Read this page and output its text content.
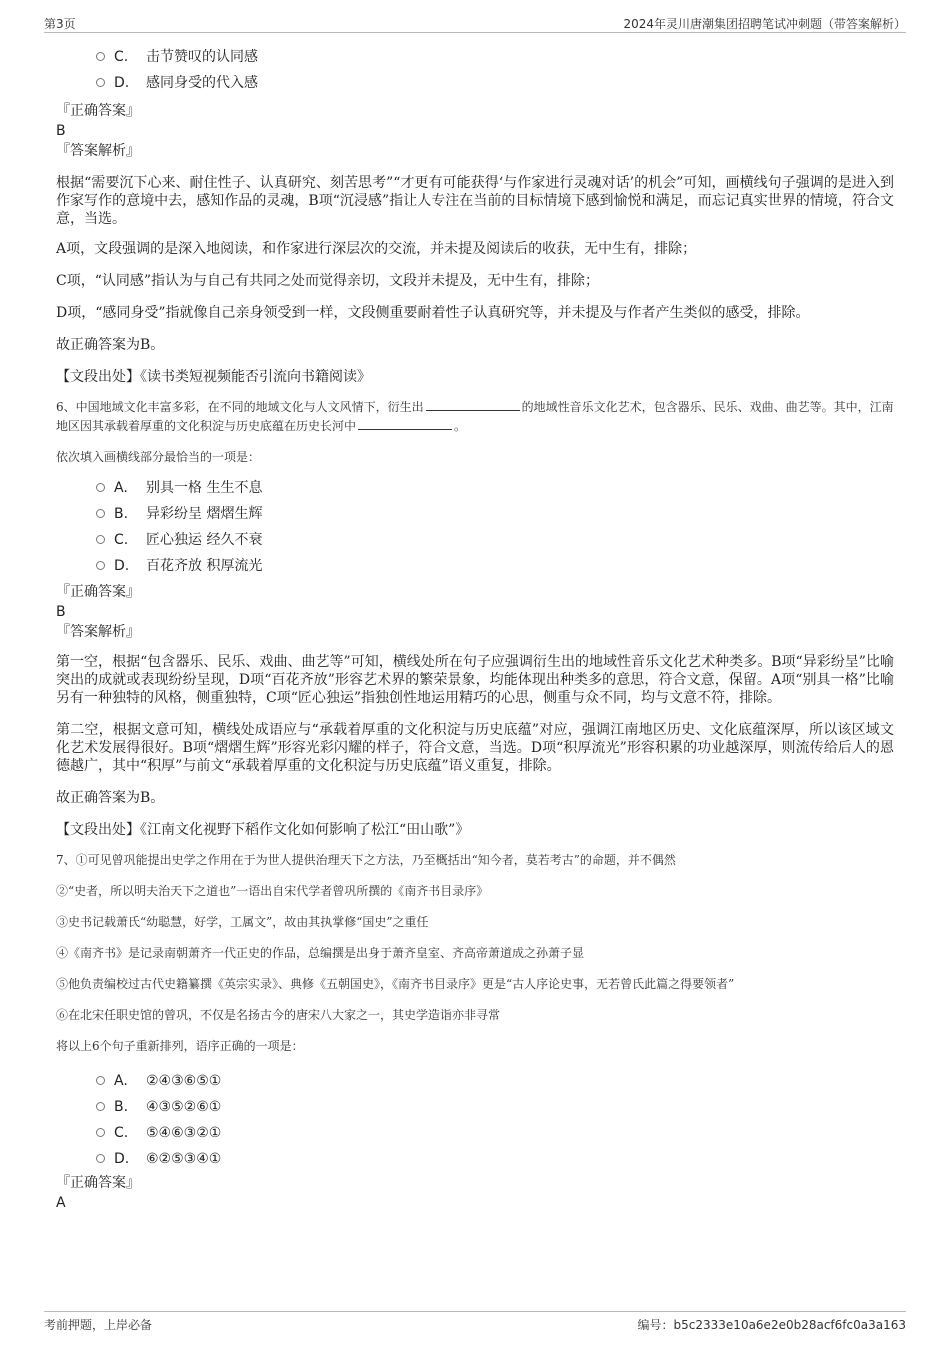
第3页	2024年灵川唐潮集团招聘笔试冲刺题（带答案解析）
C. 击节赞叹的认同感
D. 感同身受的代入感
『正确答案』
B
『答案解析』

根据“需要沉下心来、耐住性子、认真研究、刻苦思考”“才更有可能获得‘与作家进行灵魂对话’的机会”可知，画横线句子强调的是进入到作家写作的意境中去，感知作品的灵魂，B项“沉浸感”指让人专注在当前的目标情境下感到愉悦和满足，而忘记真实世界的情境，符合文意，当选。

A项，文段强调的是深入地阅读，和作家进行深层次的交流，并未提及阅读后的收获，无中生有，排除；

C项，“认同感”指认为与自己有共同之处而觉得亲切，文段并未提及，无中生有，排除；

D项，“感同身受”指就像自己亲身领受到一样，文段侧重要耐着性子认真研究等，并未提及与作者产生类似的感受，排除。

故正确答案为B。

【文段出处】《读书类短视频能否引流向书籍阅读》

6、中国地域文化丰富多彩，在不同的地域文化与人文风情下，衍生出	的地域性音乐文化艺术，包含器乐、民乐、戏曲、曲艺等。其中，江南地区因其承载着厚重的文化积淀与历史底蕴在历史长河中	。

依次填入画横线部分最恰当的一项是：

A. 别具一格 生生不息
B. 异彩纷呈 熠熠生辉
C. 匠心独运 经久不衰
D. 百花齐放 积厚流光
『正确答案』
B
『答案解析』

第一空，根据“包含器乐、民乐、戏曲、曲艺等”可知，横线处所在句子应强调衍生出的地域性音乐文化艺术种类多。B项“异彩纷呈”比喻突出的成就或表现纷纷呈现，D项“百花齐放”形容艺术界的繁荣景象，均能体现出种类多的意思，符合文意，保留。A项“别具一格”比喻另有一种独特的风格，侧重独特，C项“匠心独运”指独创性地运用精巧的心思，侧重与众不同，均与文意不符，排除。

第二空，根据文意可知，横线处成语应与“承载着厚重的文化积淀与历史底蕴”对应，强调江南地区历史、文化底蕴深厚，所以该区域文化艺术发展得很好。B项“熠熠生辉”形容光彩闪耀的样子，符合文意，当选。D项“积厚流光”形容积累的功业越深厚，则流传给后人的恩德越广，其中“积厚”与前文“承载着厚重的文化积淀与历史底蕴”语义重复，排除。

故正确答案为B。

【文段出处】《江南文化视野下稻作文化如何影响了松江“田山歌”》

7、①可见曾巩能提出史学之作用在于为世人提供治理天下之方法，乃至概括出“知今者，莫若考古”的命题，并不偶然

②“史者，所以明夫治天下之道也”一语出自宋代学者曾巩所撰的《南齐书目录序》

③史书记载萧氏“幼聪慧，好学，工属文”，故由其执掌修“国史”之重任

④《南齐书》是记录南朝萧齐一代正史的作品，总编撰是出身于萧齐皇室、齐高帝萧道成之孙萧子显

⑤他负责编校过古代史籍纂撰《英宗实录》、典修《五朝国史》，《南齐书目录序》更是“古人序论史事，无若曾氏此篇之得要领者”

⑥在北宋任职史馆的曾巩，不仅是名扬古今的唐宋八大家之一，其史学造诣亦非寻常

将以上6个句子重新排列，语序正确的一项是：

A. ②④③⑥⑤①
B. ④③⑤②⑥①
C. ⑤④⑥③②①
D. ⑥②⑤③④①
『正确答案』
A
考前押题，上岸必备	编号：b5c2333e10a6e2e0b28acf6fc0a3a163
